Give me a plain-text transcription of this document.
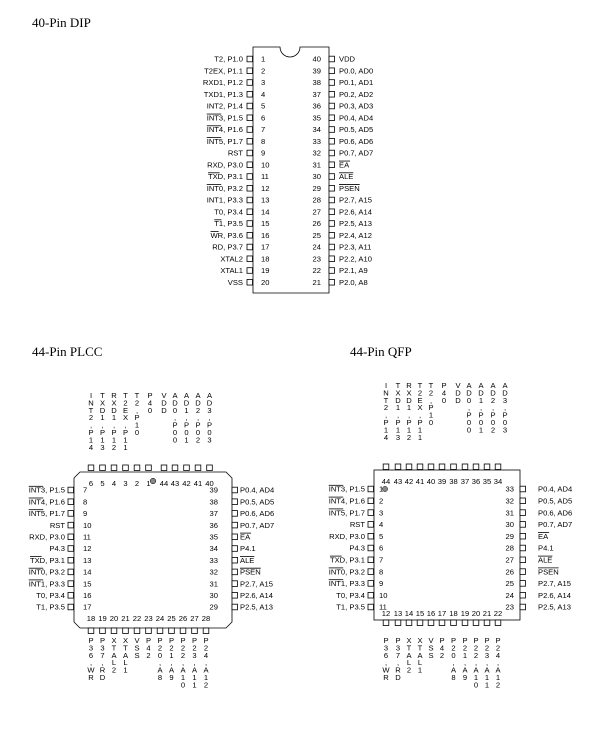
40-Pin DIP
44-Pin PLCC	44-Pin QFP
T2, P1.0 1
T2EX, P1.1 2
RXD1, P1.2 3
TXD1, P1.3 4
INT2, P1.4 5
INT3, P1.5 6
INT4, P1.6 7
INT5, P1.7 8
RST 9
RXD, P3.0 10
TXD, P3.1 11
INT0, P3.2 12
INT1, P3.3 13
T0, P3.4 14
T1, P3.5 15
WR, P3.6 16
RD, P3.7 17
XTAL2 18
XTAL1 19
VSS 20
VDD
40
P0.0, AD0
39
P0.1, AD1
38
P0.2, AD2
37
P0.3, AD3
36
P0.4, AD4
35
P0.5, AD5
34
P0.6, AD6
33
P0.7, AD7
32
EA
31
ALE
30
PSEN
29
P2.7, A15
28
P2.6, A14
27
P2.5, A13
26
P2.4, A12
25
P2.3, A11
24
P2.2, A10
23
P2.1, A9
22
P2.0, A8
21
6 5 4 3 2 1 44 43 42 41 40
I N T 2 , P 1 4
T X D 1 , P 1 3
R X D 1 , P 1 2
T 2 E X , P 1 1
T 2 , P 1 0
P 4 0
V D D
A D 0 , P 0 0
A D 1 , P 0 1
A D 2 , P 0 2
A D 3 , P 0 3
INT3, P1.5 7
INT4, P1.6 8
INT5, P1.7 9
RST 10
RXD, P3.0 11
P4.3 12
TXD, P3.1 13
INT0, P3.2 14
INT1, P3.3 15
T0, P3.4 16
T1, P3.5 17
P0.4, AD4
39
P0.5, AD5
38
P0.6, AD6
37
P0.7, AD7
36
EA
35
P4.1
34
ALE
33
PSEN
32
P2.7, A15
31
P2.6, A14
30
P2.5, A13
29
18 19 20 21 22 23 24 25 26 27 28
P 3 6 , W R
P 3 7 , R D
X T A L 2
X T A L 1
V S S
P 4 2
P 2 0 , A 8
P 2 1 , A 9
P 2 2 , A 1 0
P 2 3 , A 1 1
P 2 4 , A 1 2
44 43 42 41 40 39 38 37 36 35 34
I N T 2 , P 1 4
T X D 1 , P 1 3
R X D 1 , P 1 2
T 2 E X , P 1 1
T 2 , P 1 0
P 4 0
V D D
A D 0 , P 0 0
A D 1 , P 0 1
A D 2 , P 0 2
A D 3 , P 0 3
INT3, P1.5 1
INT4, P1.6 2
INT5, P1.7 3
RST 4
RXD, P3.0 5
P4.3 6
TXD, P3.1 7
INT0, P3.2 8
INT1, P3.3 9
T0, P3.4 10
T1, P3.5 11
P0.4, AD4
33
P0.5, AD5
32
P0.6, AD6
31
P0.7, AD7
30
EA
29
P4.1
28
ALE
27
PSEN
26
P2.7, A15
25
P2.6, A14
24
P2.5, A13
23
12 13 14 15 16 17 18 19 20 21 22
P 3 6 , W R
P 3 7 , R D
X T A L 2
X T A L 1
V S S
P 4 2
P 2 0 , A 8
P 2 1 , A 9
P 2 2 , A 1 0
P 2 3 , A 1 1
P 2 4 , A 1 2
